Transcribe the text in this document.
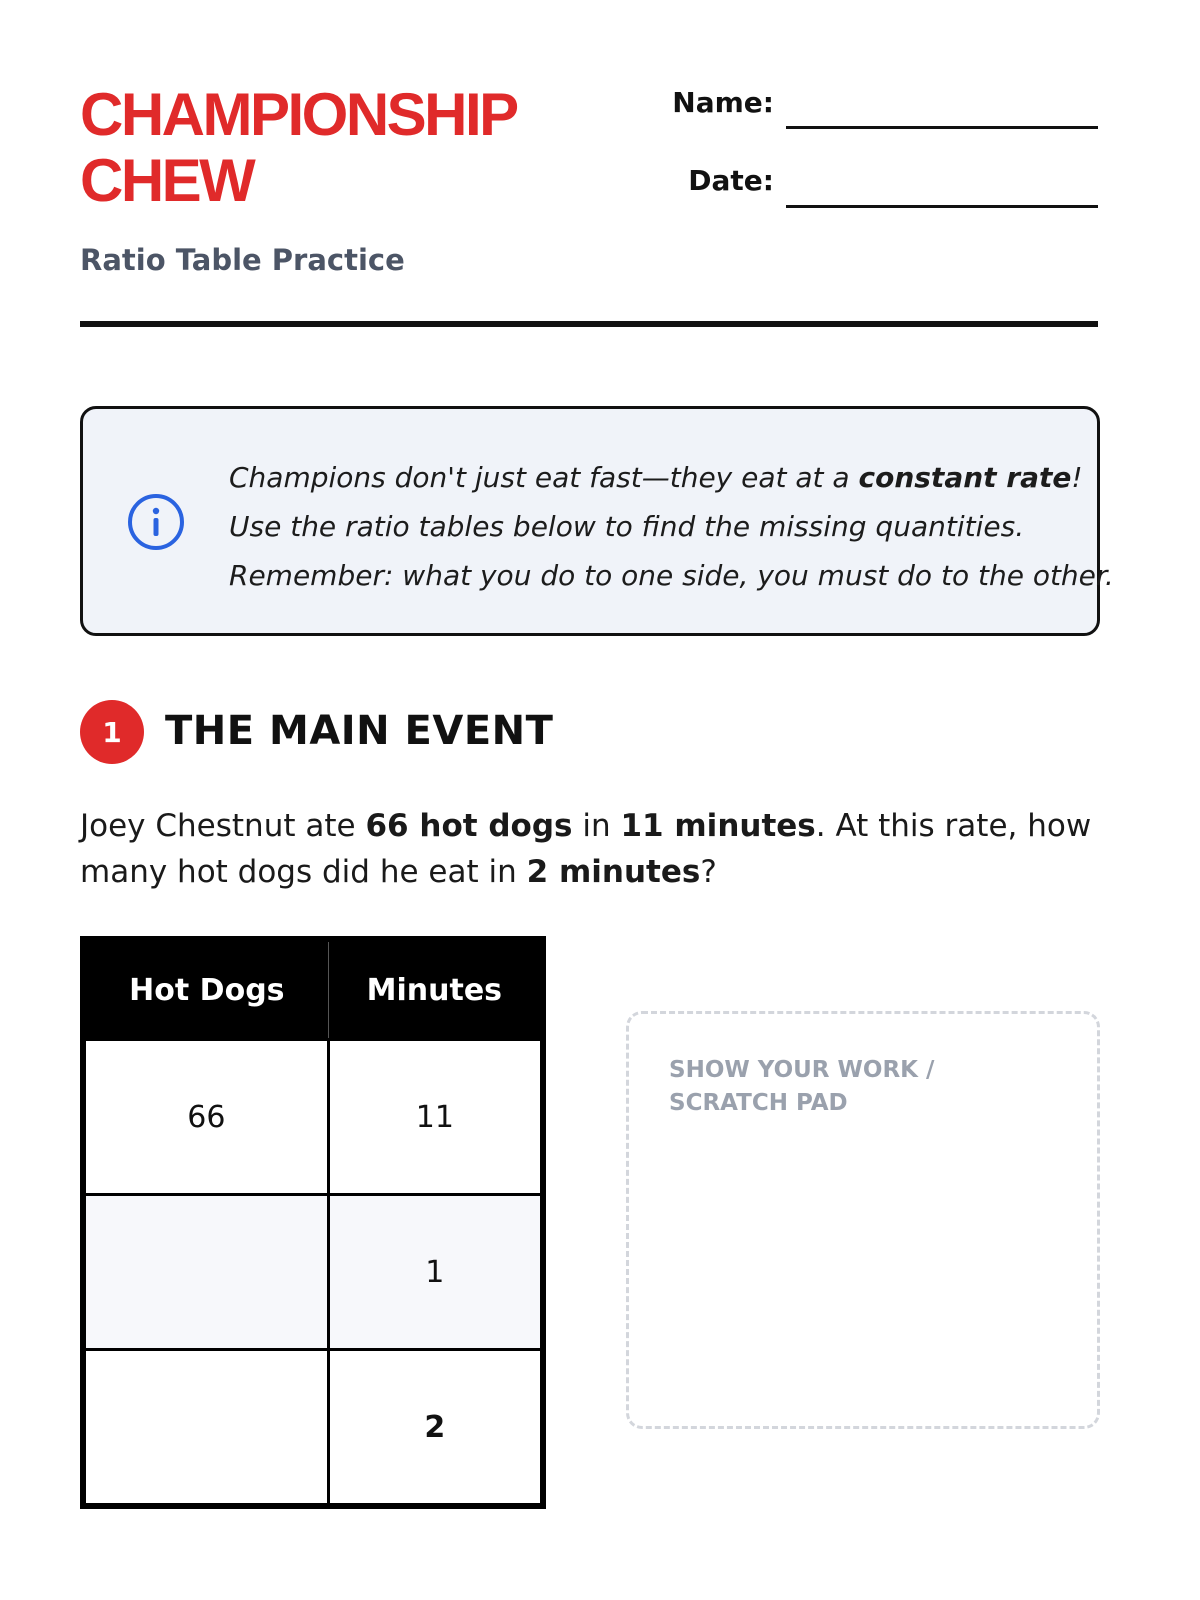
CHAMPIONSHIP
CHEW
Ratio Table Practice
Name:
Date:
Champions don't just eat fast—they eat at a constant rate!
Use the ratio tables below to find the missing quantities.
Remember: what you do to one side, you must do to the other.
1	THE MAIN EVENT
Joey Chestnut ate 66 hot dogs in 11 minutes. At this rate, how many hot dogs did he eat in 2 minutes?
Hot Dogs	Minutes
66	11
	1
	2
SHOW YOUR WORK / SCRATCH PAD
